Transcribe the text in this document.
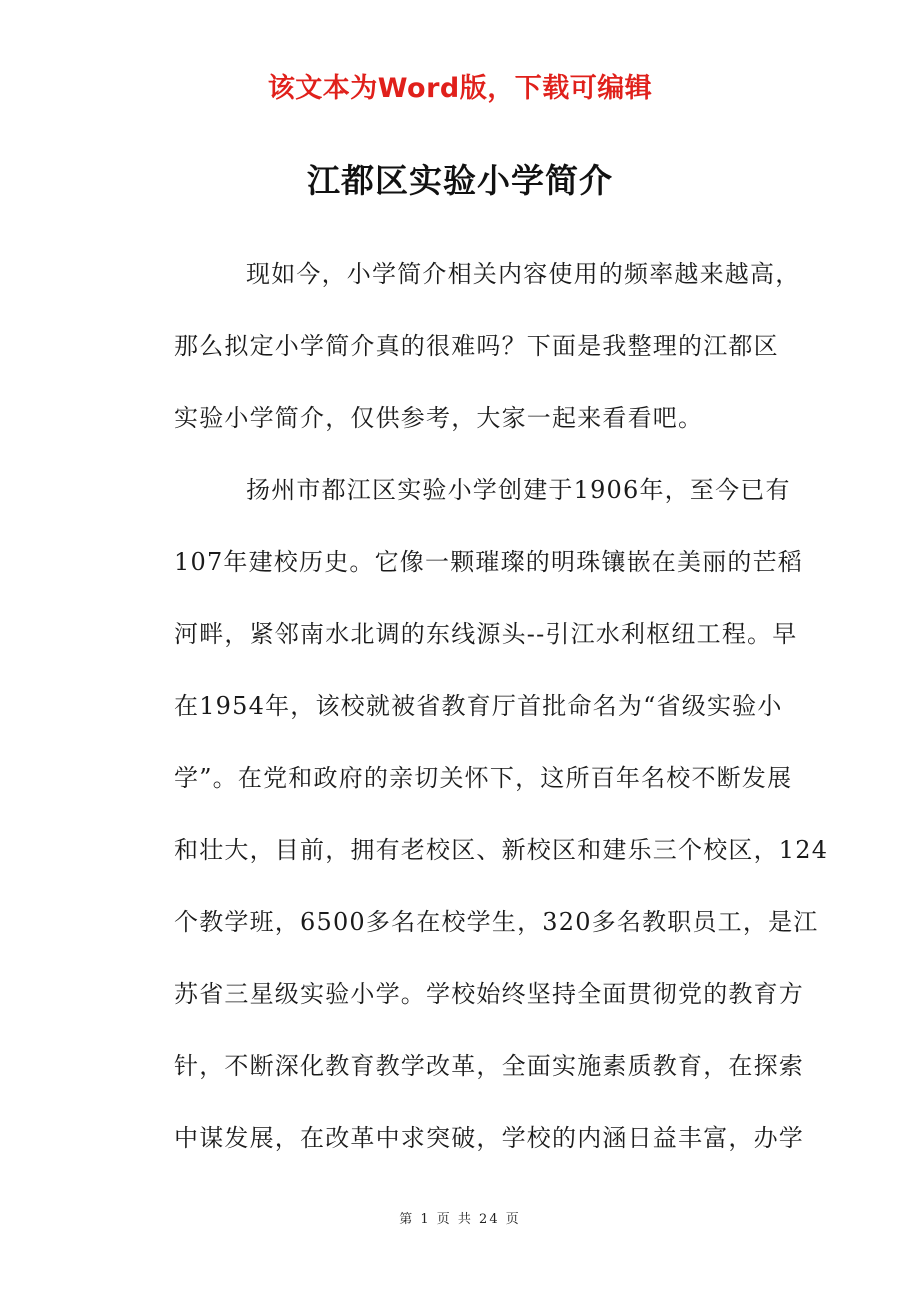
该文本为Word版，下载可编辑
江都区实验小学简介
现如今，小学简介相关内容使用的频率越来越高，
那么拟定小学简介真的很难吗？下面是我整理的江都区
实验小学简介，仅供参考，大家一起来看看吧。
扬州市都江区实验小学创建于1906年，至今已有
107年建校历史。它像一颗璀璨的明珠镶嵌在美丽的芒稻
河畔，紧邻南水北调的东线源头--引江水利枢纽工程。早
在1954年，该校就被省教育厅首批命名为“省级实验小
学”。在党和政府的亲切关怀下，这所百年名校不断发展
和壮大，目前，拥有老校区、新校区和建乐三个校区，124
个教学班，6500多名在校学生，320多名教职员工，是江
苏省三星级实验小学。学校始终坚持全面贯彻党的教育方
针，不断深化教育教学改革，全面实施素质教育，在探索
中谋发展，在改革中求突破，学校的内涵日益丰富，办学
第 1 页 共 24 页
